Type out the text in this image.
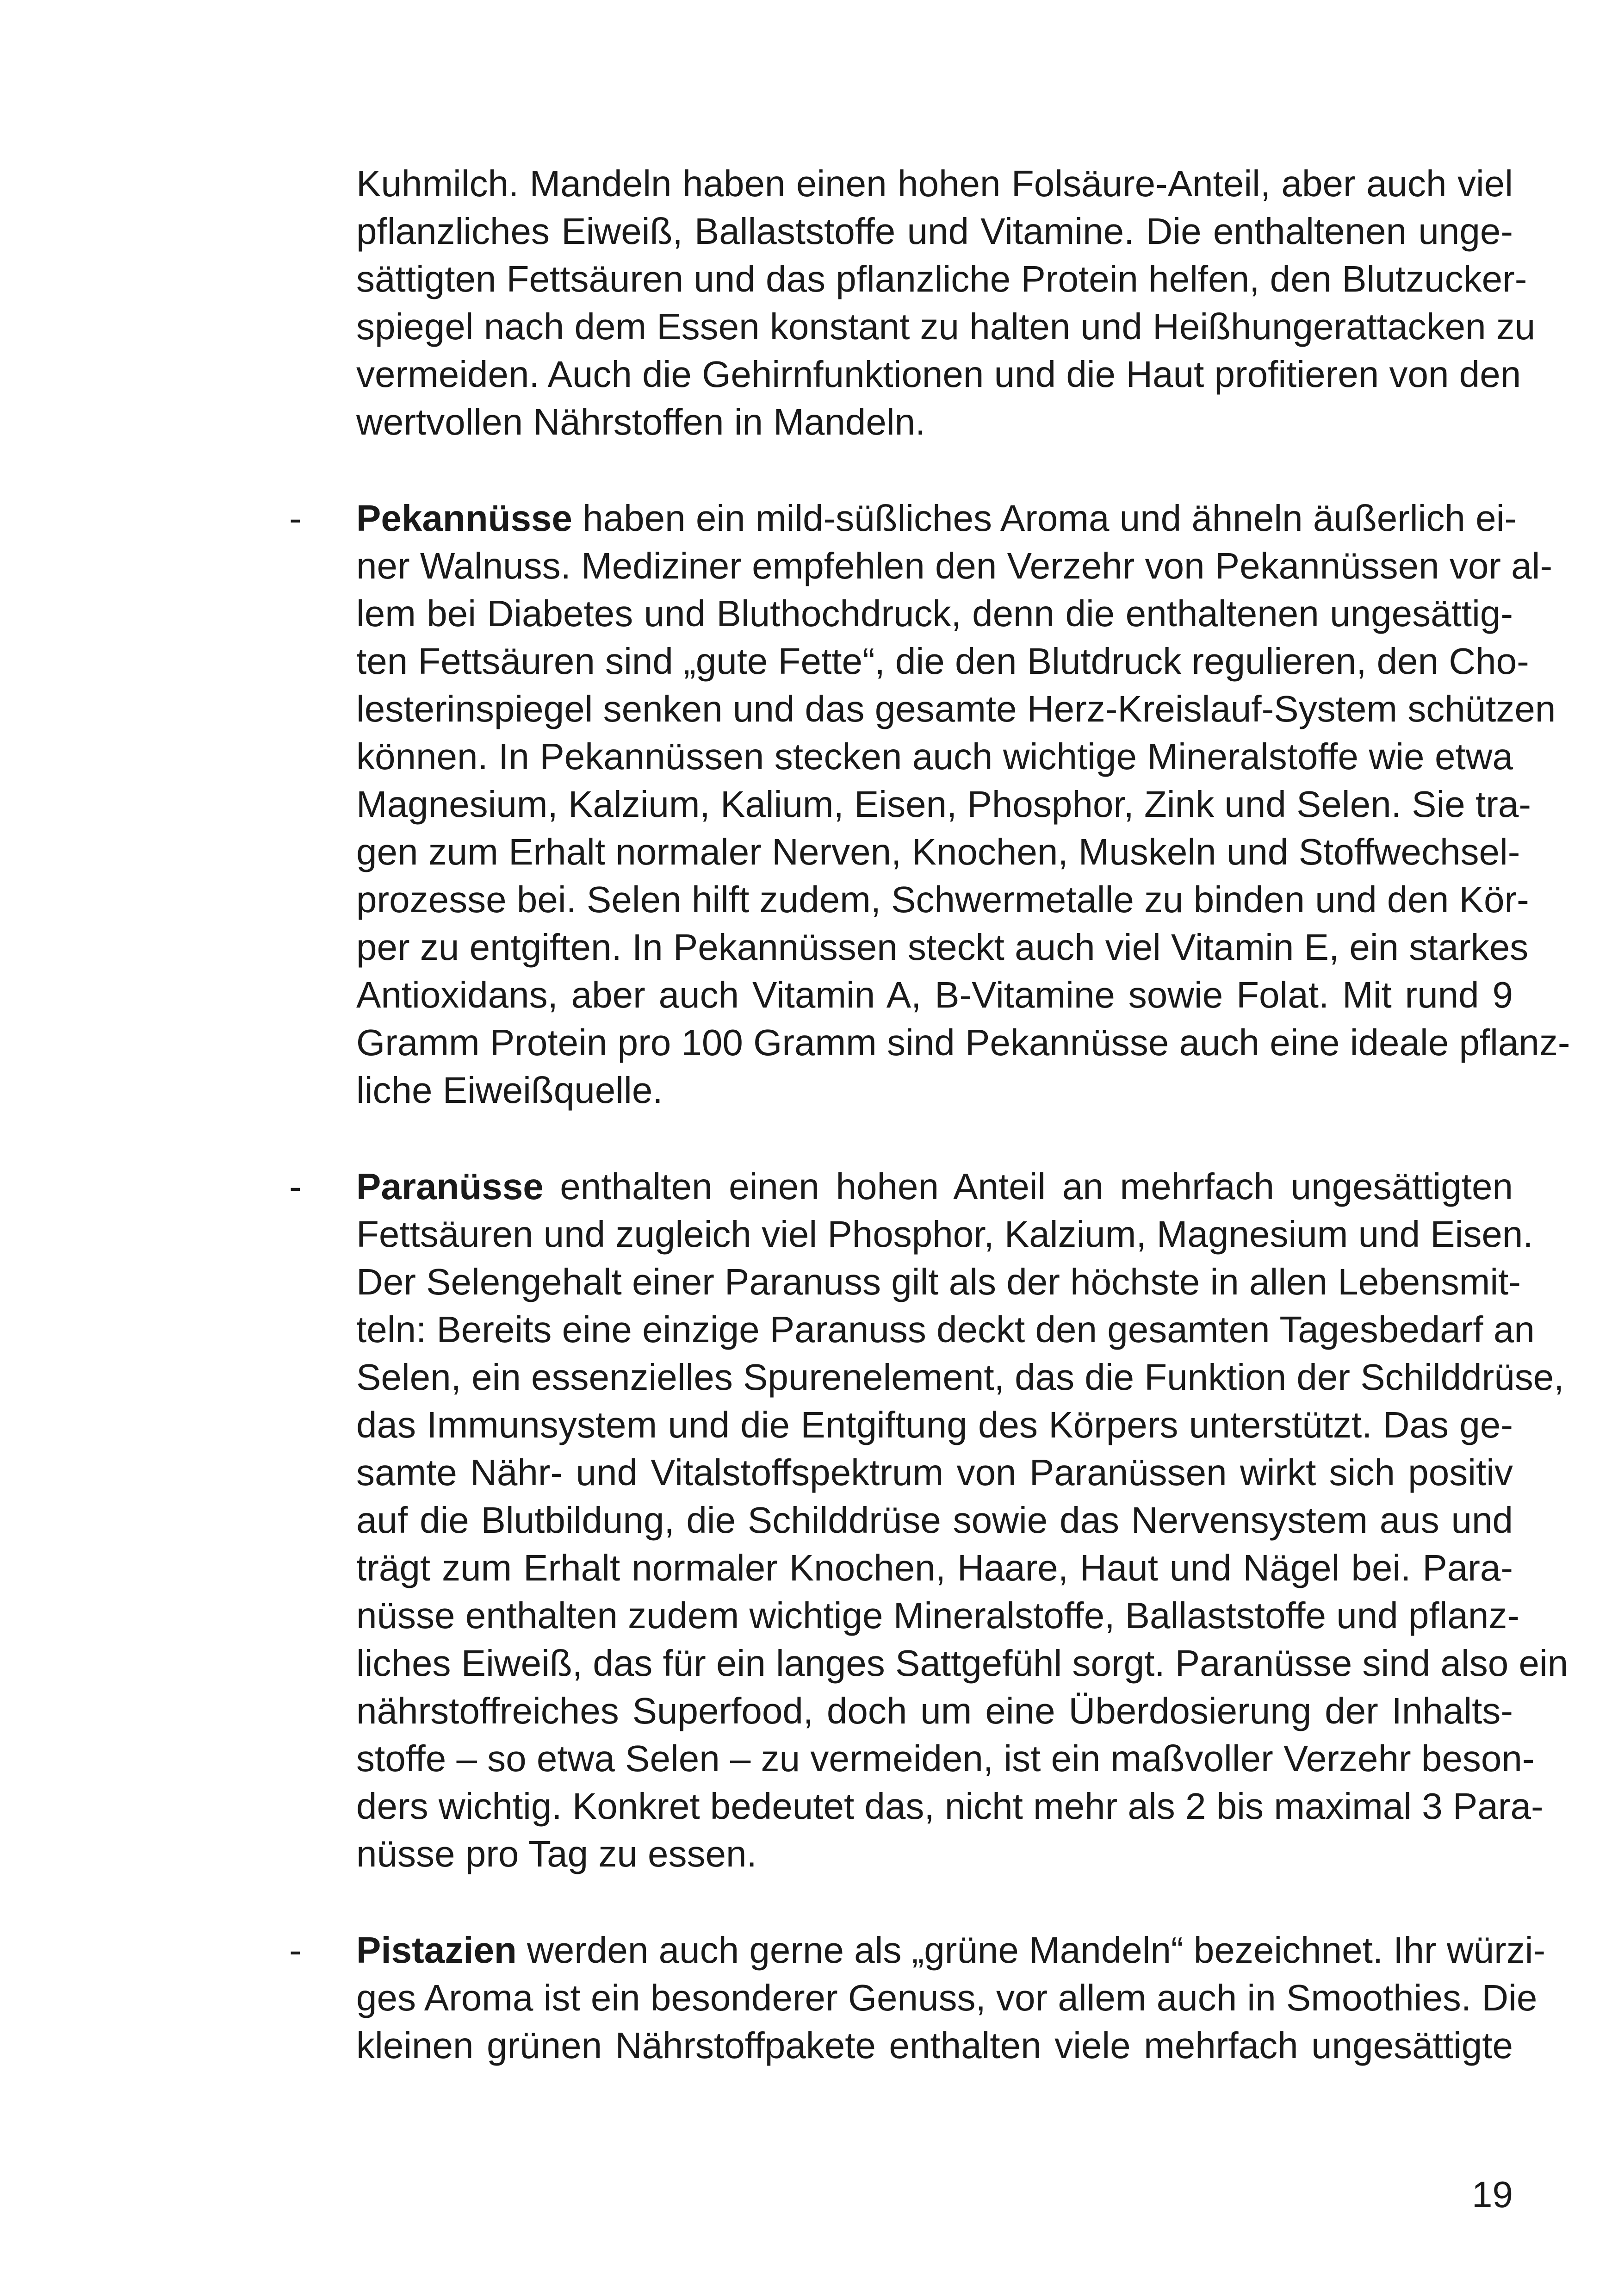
Kuhmilch. Mandeln haben einen hohen Folsäure-Anteil, aber auch viel
pflanzliches Eiweiß, Ballaststoffe und Vitamine. Die enthaltenen unge-
sättigten Fettsäuren und das pflanzliche Protein helfen, den Blutzucker-
spiegel nach dem Essen konstant zu halten und Heißhungerattacken zu
vermeiden. Auch die Gehirnfunktionen und die Haut profitieren von den
wertvollen Nährstoffen in Mandeln.
- Pekannüsse haben ein mild-süßliches Aroma und ähneln äußerlich ei-
ner Walnuss. Mediziner empfehlen den Verzehr von Pekannüssen vor al-
lem bei Diabetes und Bluthochdruck, denn die enthaltenen ungesättig-
ten Fettsäuren sind „gute Fette“, die den Blutdruck regulieren, den Cho-
lesterinspiegel senken und das gesamte Herz-Kreislauf-System schützen
können. In Pekannüssen stecken auch wichtige Mineralstoffe wie etwa
Magnesium, Kalzium, Kalium, Eisen, Phosphor, Zink und Selen. Sie tra-
gen zum Erhalt normaler Nerven, Knochen, Muskeln und Stoffwechsel-
prozesse bei. Selen hilft zudem, Schwermetalle zu binden und den Kör-
per zu entgiften. In Pekannüssen steckt auch viel Vitamin E, ein starkes
Antioxidans, aber auch Vitamin A, B-Vitamine sowie Folat. Mit rund 9
Gramm Protein pro 100 Gramm sind Pekannüsse auch eine ideale pflanz-
liche Eiweißquelle.
- Paranüsse enthalten einen hohen Anteil an mehrfach ungesättigten
Fettsäuren und zugleich viel Phosphor, Kalzium, Magnesium und Eisen.
Der Selengehalt einer Paranuss gilt als der höchste in allen Lebensmit-
teln: Bereits eine einzige Paranuss deckt den gesamten Tagesbedarf an
Selen, ein essenzielles Spurenelement, das die Funktion der Schilddrüse,
das Immunsystem und die Entgiftung des Körpers unterstützt. Das ge-
samte Nähr- und Vitalstoffspektrum von Paranüssen wirkt sich positiv
auf die Blutbildung, die Schilddrüse sowie das Nervensystem aus und
trägt zum Erhalt normaler Knochen, Haare, Haut und Nägel bei. Para-
nüsse enthalten zudem wichtige Mineralstoffe, Ballaststoffe und pflanz-
liches Eiweiß, das für ein langes Sattgefühl sorgt. Paranüsse sind also ein
nährstoffreiches Superfood, doch um eine Überdosierung der Inhalts-
stoffe – so etwa Selen – zu vermeiden, ist ein maßvoller Verzehr beson-
ders wichtig. Konkret bedeutet das, nicht mehr als 2 bis maximal 3 Para-
nüsse pro Tag zu essen.
- Pistazien werden auch gerne als „grüne Mandeln“ bezeichnet. Ihr würzi-
ges Aroma ist ein besonderer Genuss, vor allem auch in Smoothies. Die
kleinen grünen Nährstoffpakete enthalten viele mehrfach ungesättigte
19
